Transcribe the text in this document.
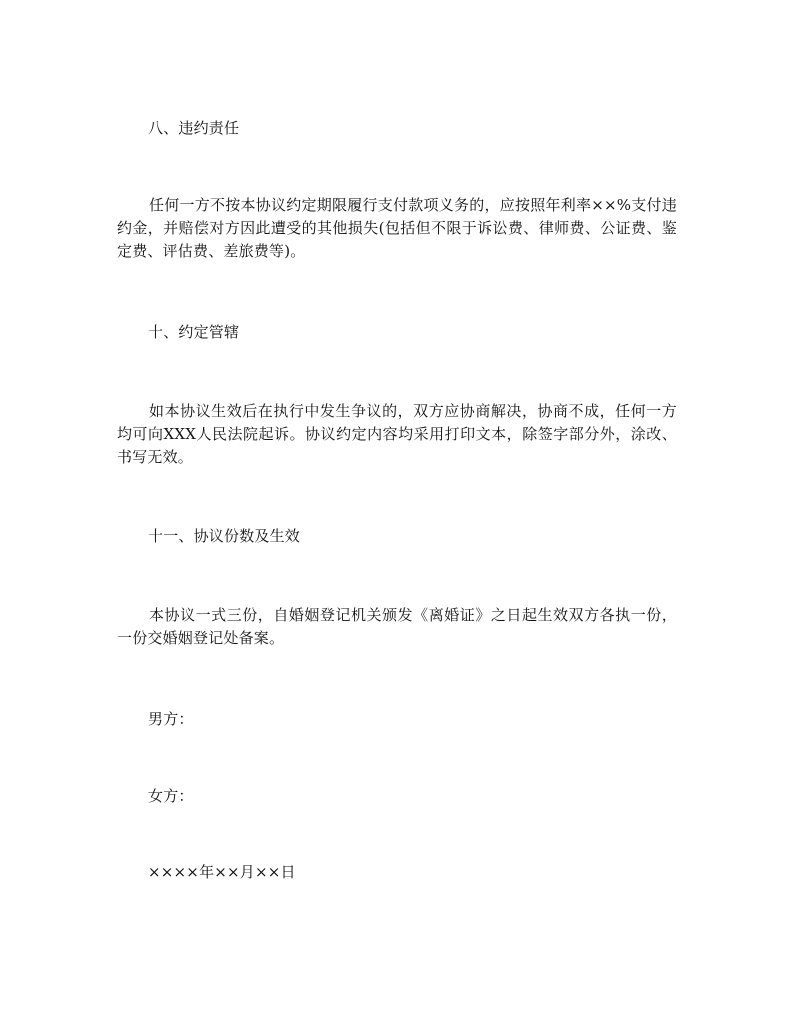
八、违约责任

任何一方不按本协议约定期限履行支付款项义务的，应按照年利率××%支付违约金，并赔偿对方因此遭受的其他损失(包括但不限于诉讼费、律师费、公证费、鉴定费、评估费、差旅费等)。

十、约定管辖

如本协议生效后在执行中发生争议的，双方应协商解决，协商不成，任何一方均可向XXX人民法院起诉。协议约定内容均采用打印文本，除签字部分外，涂改、书写无效。

十一、协议份数及生效

本协议一式三份，自婚姻登记机关颁发《离婚证》之日起生效双方各执一份，一份交婚姻登记处备案。

男方：

女方：

××××年××月××日
